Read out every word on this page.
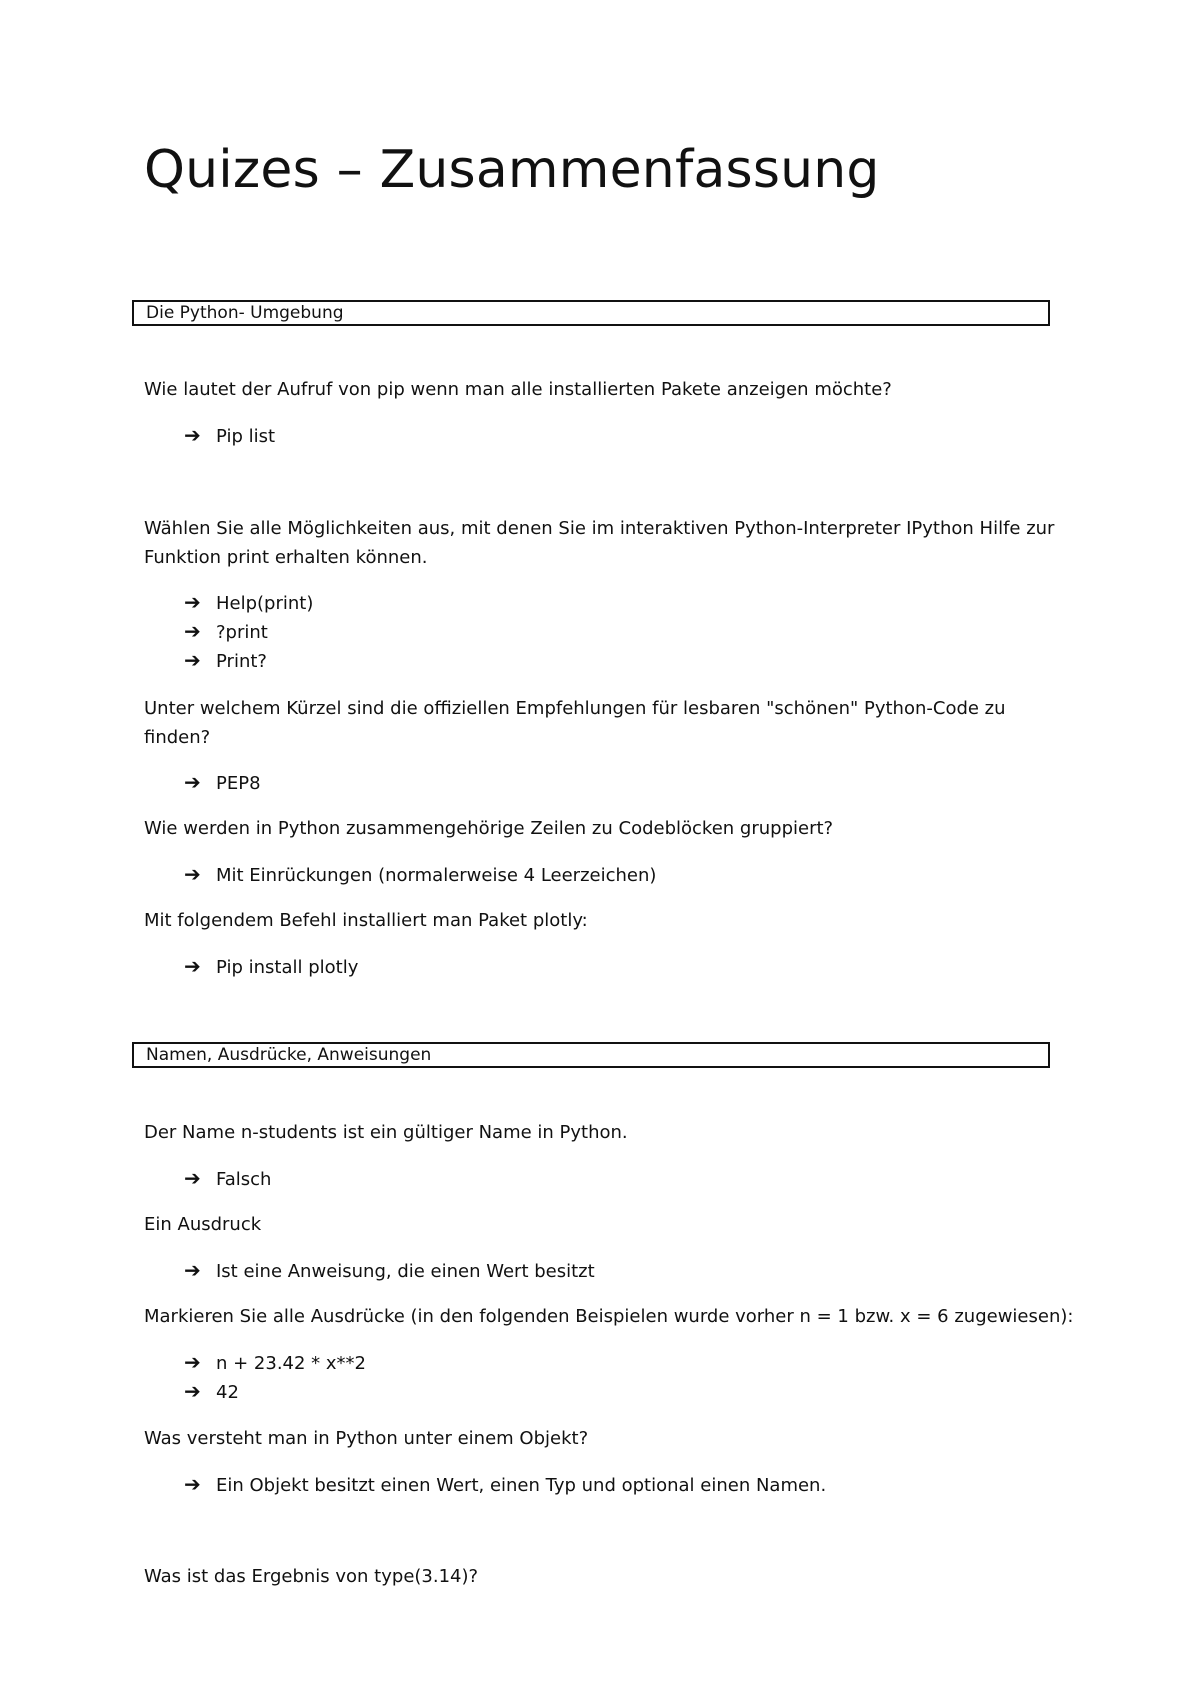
Quizes – Zusammenfassung
Die Python- Umgebung

Wie lautet der Aufruf von pip wenn man alle installierten Pakete anzeigen möchte?

➔ Pip list

Wählen Sie alle Möglichkeiten aus, mit denen Sie im interaktiven Python-Interpreter IPython Hilfe zur Funktion print erhalten können.

➔ Help(print)
➔ ?print
➔ Print?

Unter welchem Kürzel sind die offiziellen Empfehlungen für lesbaren "schönen" Python-Code zu finden?

➔ PEP8

Wie werden in Python zusammengehörige Zeilen zu Codeblöcken gruppiert?

➔ Mit Einrückungen (normalerweise 4 Leerzeichen)

Mit folgendem Befehl installiert man Paket plotly:

➔ Pip install plotly
Namen, Ausdrücke, Anweisungen

Der Name n-students ist ein gültiger Name in Python.

➔ Falsch

Ein Ausdruck

➔ Ist eine Anweisung, die einen Wert besitzt

Markieren Sie alle Ausdrücke (in den folgenden Beispielen wurde vorher n = 1 bzw. x = 6 zugewiesen):

➔ n + 23.42 * x**2
➔ 42

Was versteht man in Python unter einem Objekt?

➔ Ein Objekt besitzt einen Wert, einen Typ und optional einen Namen.

Was ist das Ergebnis von type(3.14)?
